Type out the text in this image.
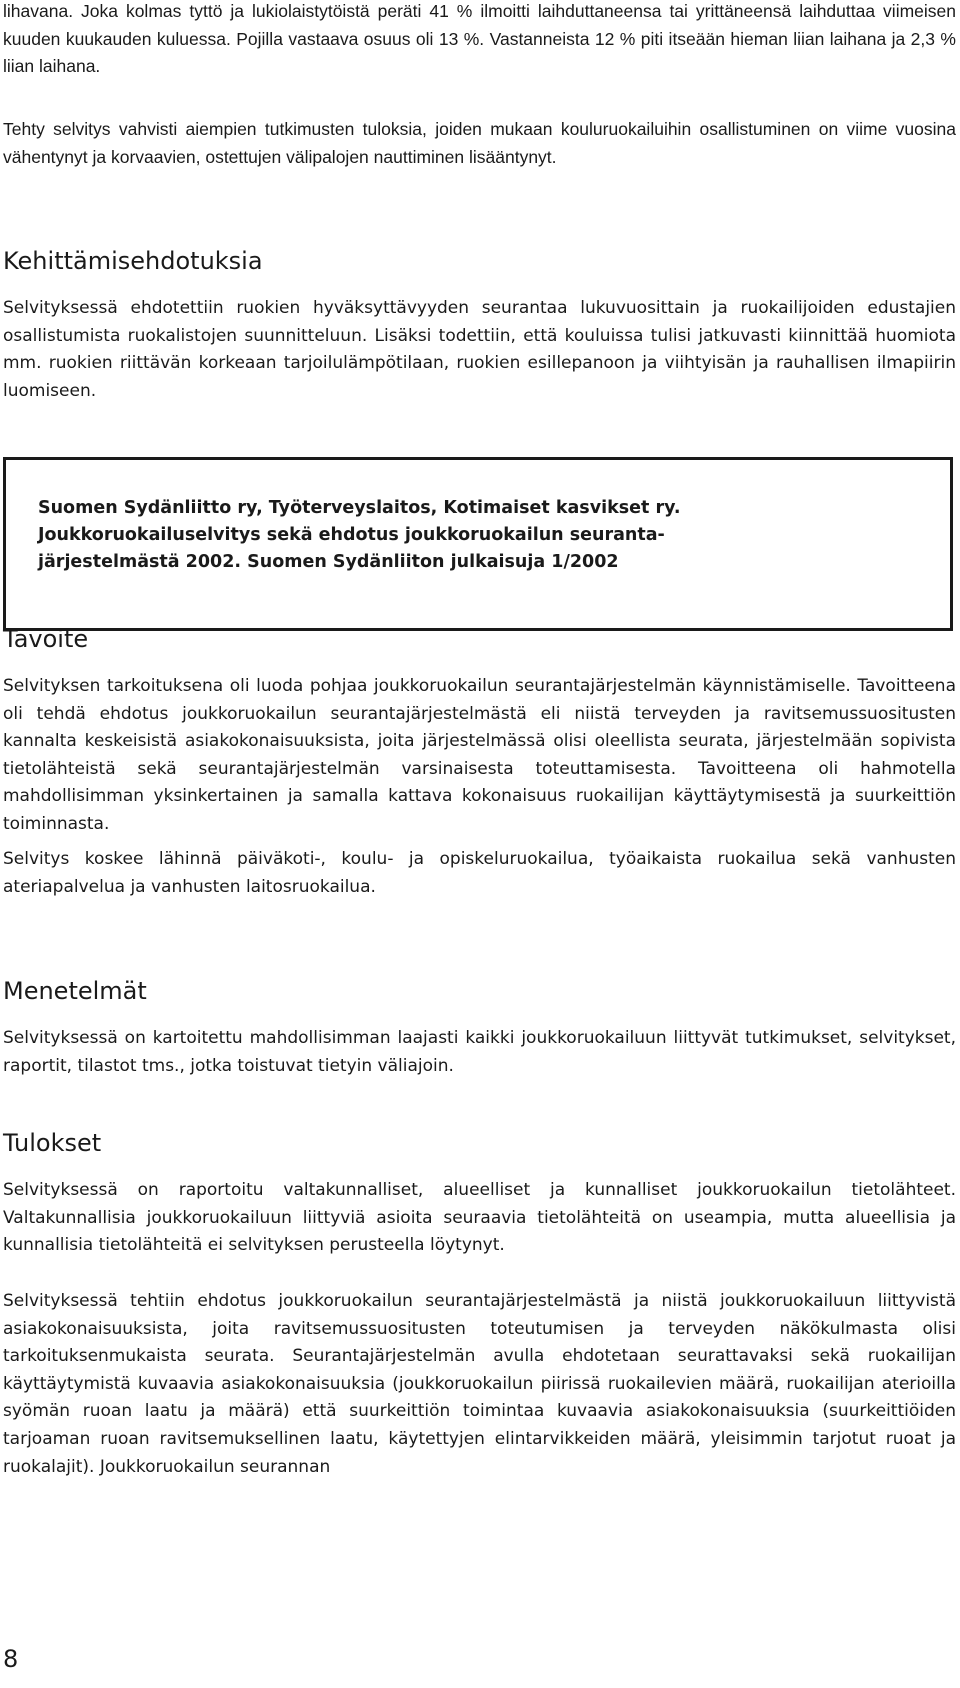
lihavana. Joka kolmas tyttö ja lukiolaistytöistä peräti 41 % ilmoitti laihduttaneensa tai yrittäneensä laihduttaa viimeisen kuuden kuukauden kuluessa. Pojilla vastaava osuus oli 13 %. Vastanneista 12 % piti itseään hieman liian laihana ja 2,3 % liian laihana.

Tehty selvitys vahvisti aiempien tutkimusten tuloksia, joiden mukaan kouluruokailuihin osallistuminen on viime vuosina vähentynyt ja korvaavien, ostettujen välipalojen nauttiminen lisääntynyt.

Kehittämisehdotuksia

Selvityksessä ehdotettiin ruokien hyväksyttävyyden seurantaa lukuvuosittain ja ruokailijoiden edustajien osallistumista ruokalistojen suunnitteluun. Lisäksi todettiin, että kouluissa tulisi jatkuvasti kiinnittää huomiota mm. ruokien riittävän korkeaan tarjoilulämpötilaan, ruokien esillepanoon ja viihtyisän ja rauhallisen ilmapiirin luomiseen.

Suomen Sydänliitto ry, Työterveyslaitos, Kotimaiset kasvikset ry.
Joukkoruokailuselvitys sekä ehdotus joukkoruokailun seuranta-
järjestelmästä 2002. Suomen Sydänliiton julkaisuja 1/2002
Tavoite

Selvityksen tarkoituksena oli luoda pohjaa joukkoruokailun seurantajärjestelmän käynnistämiselle. Tavoitteena oli tehdä ehdotus joukkoruokailun seurantajärjestelmästä eli niistä terveyden ja ravitsemussuositusten kannalta keskeisistä asiakokonaisuuksista, joita järjestelmässä olisi oleellista seurata, järjestelmään sopivista tietolähteistä sekä seurantajärjestelmän varsinaisesta toteuttamisesta. Tavoitteena oli hahmotella mahdollisimman yksinkertainen ja samalla kattava kokonaisuus ruokailijan käyttäytymisestä ja suurkeittiön toiminnasta.

Selvitys koskee lähinnä päiväkoti-, koulu- ja opiskeluruokailua, työaikaista ruokailua sekä vanhusten ateriapalvelua ja vanhusten laitosruokailua.

Menetelmät

Selvityksessä on kartoitettu mahdollisimman laajasti kaikki joukkoruokailuun liittyvät tutkimukset, selvitykset, raportit, tilastot tms., jotka toistuvat tietyin väliajoin.

Tulokset

Selvityksessä on raportoitu valtakunnalliset, alueelliset ja kunnalliset joukkoruokailun tietolähteet. Valtakunnallisia joukkoruokailuun liittyviä asioita seuraavia tietolähteitä on useampia, mutta alueellisia ja kunnallisia tietolähteitä ei selvityksen perusteella löytynyt.

Selvityksessä tehtiin ehdotus joukkoruokailun seurantajärjestelmästä ja niistä joukkoruokailuun liittyvistä asiakokonaisuuksista, joita ravitsemussuositusten toteutumisen ja terveyden näkökulmasta olisi tarkoituksenmukaista seurata. Seurantajärjestelmän avulla ehdotetaan seurattavaksi sekä ruokailijan käyttäytymistä kuvaavia asiakokonaisuuksia (joukkoruokailun piirissä ruokailevien määrä, ruokailijan aterioilla syömän ruoan laatu ja määrä) että suurkeittiön toimintaa kuvaavia asiakokonaisuuksia (suurkeittiöiden tarjoaman ruoan ravitsemuksellinen laatu, käytettyjen elintarvikkeiden määrä, yleisimmin tarjotut ruoat ja ruokalajit). Joukkoruokailun seurannan

8
